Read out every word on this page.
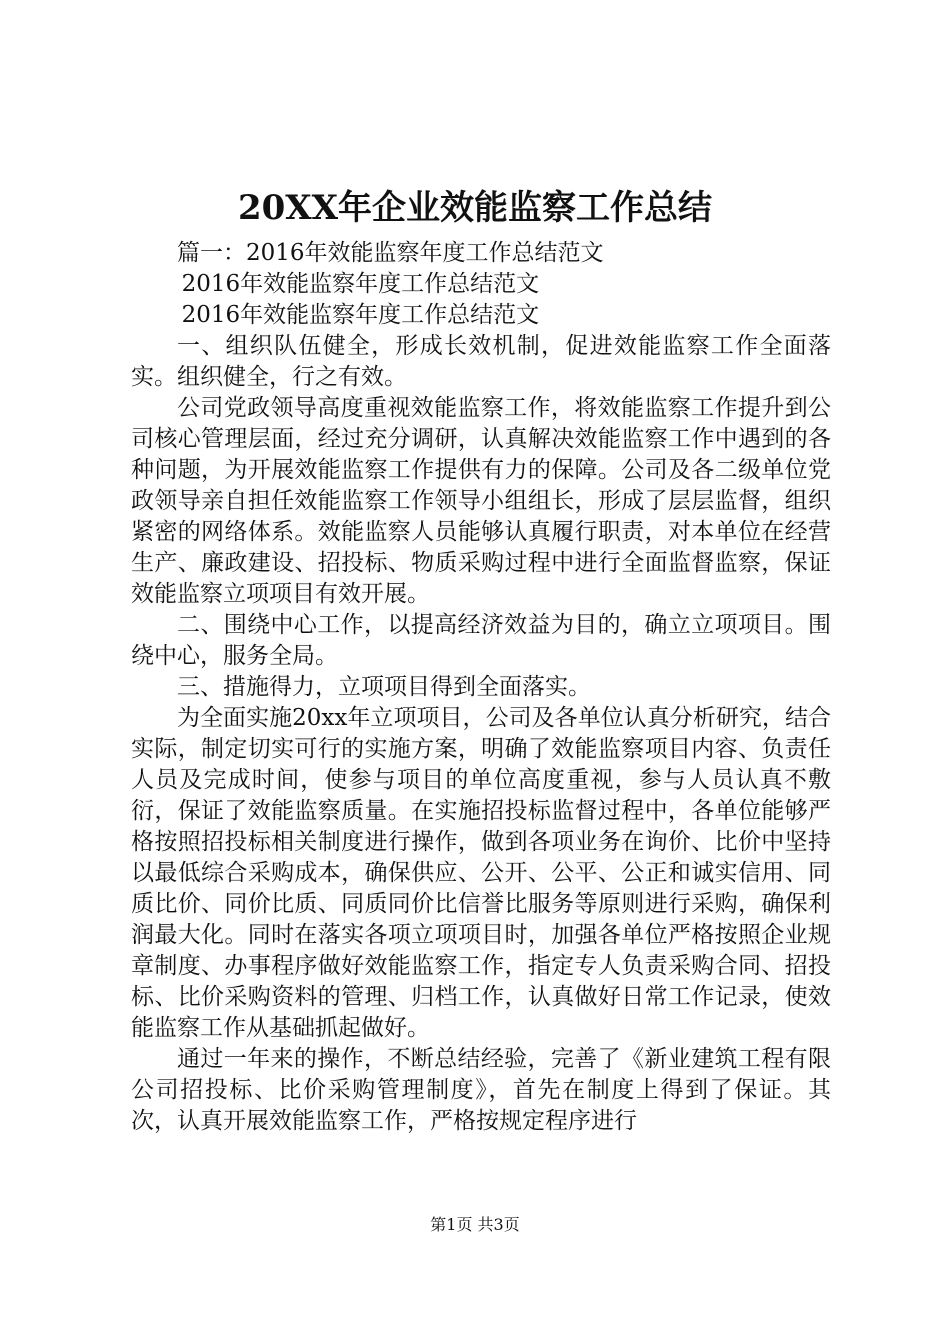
20XX年企业效能监察工作总结

篇一：2016年效能监察年度工作总结范文

2016年效能监察年度工作总结范文

2016年效能监察年度工作总结范文

一、组织队伍健全，形成长效机制，促进效能监察工作全面落实。组织健全，行之有效。

公司党政领导高度重视效能监察工作，将效能监察工作提升到公司核心管理层面，经过充分调研，认真解决效能监察工作中遇到的各种问题，为开展效能监察工作提供有力的保障。公司及各二级单位党政领导亲自担任效能监察工作领导小组组长，形成了层层监督，组织紧密的网络体系。效能监察人员能够认真履行职责，对本单位在经营生产、廉政建设、招投标、物质采购过程中进行全面监督监察，保证效能监察立项项目有效开展。

二、围绕中心工作，以提高经济效益为目的，确立立项项目。围绕中心，服务全局。

三、措施得力，立项项目得到全面落实。

为全面实施20xx年立项项目，公司及各单位认真分析研究，结合实际，制定切实可行的实施方案，明确了效能监察项目内容、负责任人员及完成时间，使参与项目的单位高度重视，参与人员认真不敷衍，保证了效能监察质量。在实施招投标监督过程中，各单位能够严格按照招投标相关制度进行操作，做到各项业务在询价、比价中坚持以最低综合采购成本，确保供应、公开、公平、公正和诚实信用、同质比价、同价比质、同质同价比信誉比服务等原则进行采购，确保利润最大化。同时在落实各项立项项目时，加强各单位严格按照企业规章制度、办事程序做好效能监察工作，指定专人负责采购合同、招投标、比价采购资料的管理、归档工作，认真做好日常工作记录，使效能监察工作从基础抓起做好。

通过一年来的操作，不断总结经验，完善了《新业建筑工程有限公司招投标、比价采购管理制度》，首先在制度上得到了保证。其次，认真开展效能监察工作，严格按规定程序进行

第1页 共3页
